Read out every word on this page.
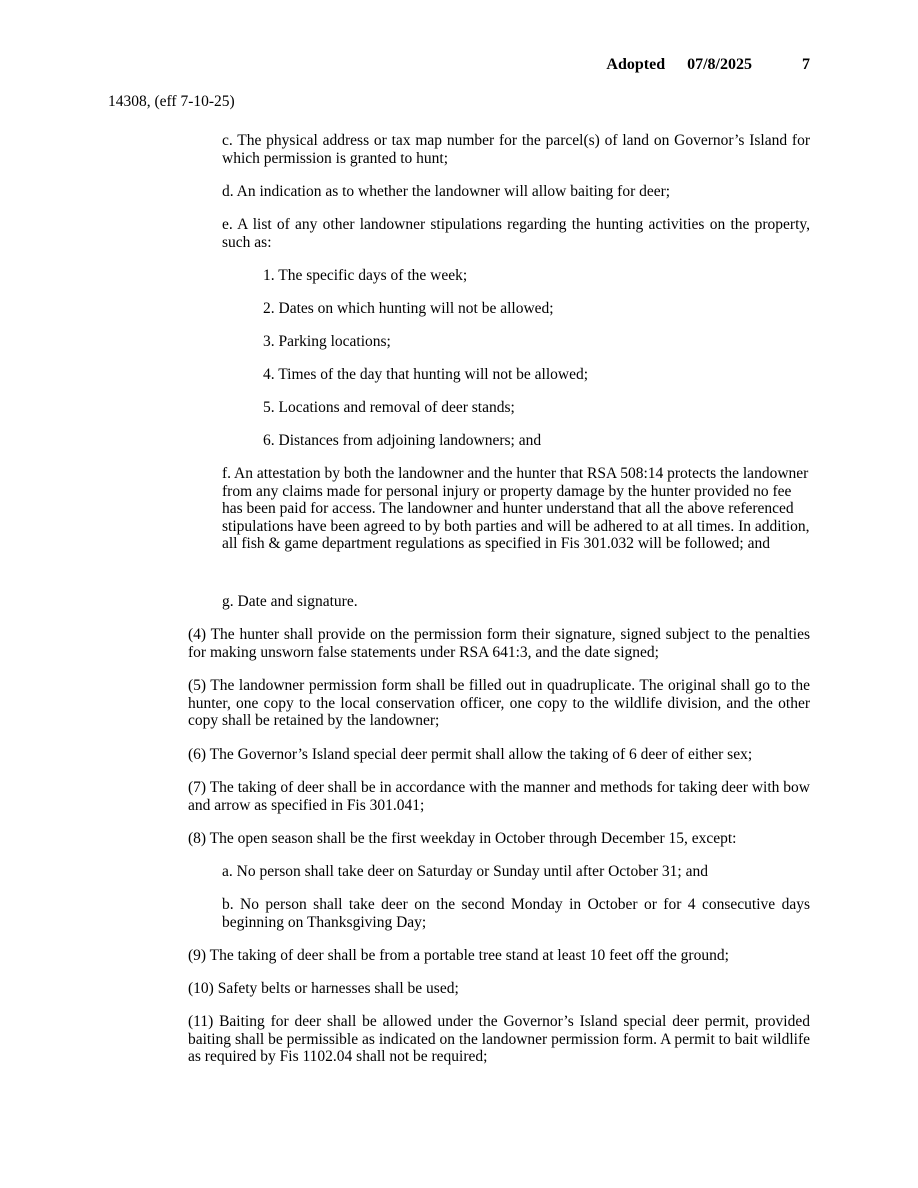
Adopted 07/8/2025	7
14308, (eff 7-10-25)

c. The physical address or tax map number for the parcel(s) of land on Governor’s Island for which permission is granted to hunt;

d. An indication as to whether the landowner will allow baiting for deer;

e. A list of any other landowner stipulations regarding the hunting activities on the property, such as:

1. The specific days of the week;

2. Dates on which hunting will not be allowed;

3. Parking locations;

4. Times of the day that hunting will not be allowed;

5. Locations and removal of deer stands;

6. Distances from adjoining landowners; and

f. An attestation by both the landowner and the hunter that RSA 508:14 protects the landowner from any claims made for personal injury or property damage by the hunter provided no fee has been paid for access. The landowner and hunter understand that all the above referenced stipulations have been agreed to by both parties and will be adhered to at all times. In addition, all fish & game department regulations as specified in Fis 301.032 will be followed; and

g. Date and signature.

(4) The hunter shall provide on the permission form their signature, signed subject to the penalties for making unsworn false statements under RSA 641:3, and the date signed;

(5) The landowner permission form shall be filled out in quadruplicate. The original shall go to the hunter, one copy to the local conservation officer, one copy to the wildlife division, and the other copy shall be retained by the landowner;

(6) The Governor’s Island special deer permit shall allow the taking of 6 deer of either sex;

(7) The taking of deer shall be in accordance with the manner and methods for taking deer with bow and arrow as specified in Fis 301.041;

(8) The open season shall be the first weekday in October through December 15, except:

a. No person shall take deer on Saturday or Sunday until after October 31; and

b. No person shall take deer on the second Monday in October or for 4 consecutive days beginning on Thanksgiving Day;

(9) The taking of deer shall be from a portable tree stand at least 10 feet off the ground;

(10) Safety belts or harnesses shall be used;

(11) Baiting for deer shall be allowed under the Governor’s Island special deer permit, provided baiting shall be permissible as indicated on the landowner permission form. A permit to bait wildlife as required by Fis 1102.04 shall not be required;
